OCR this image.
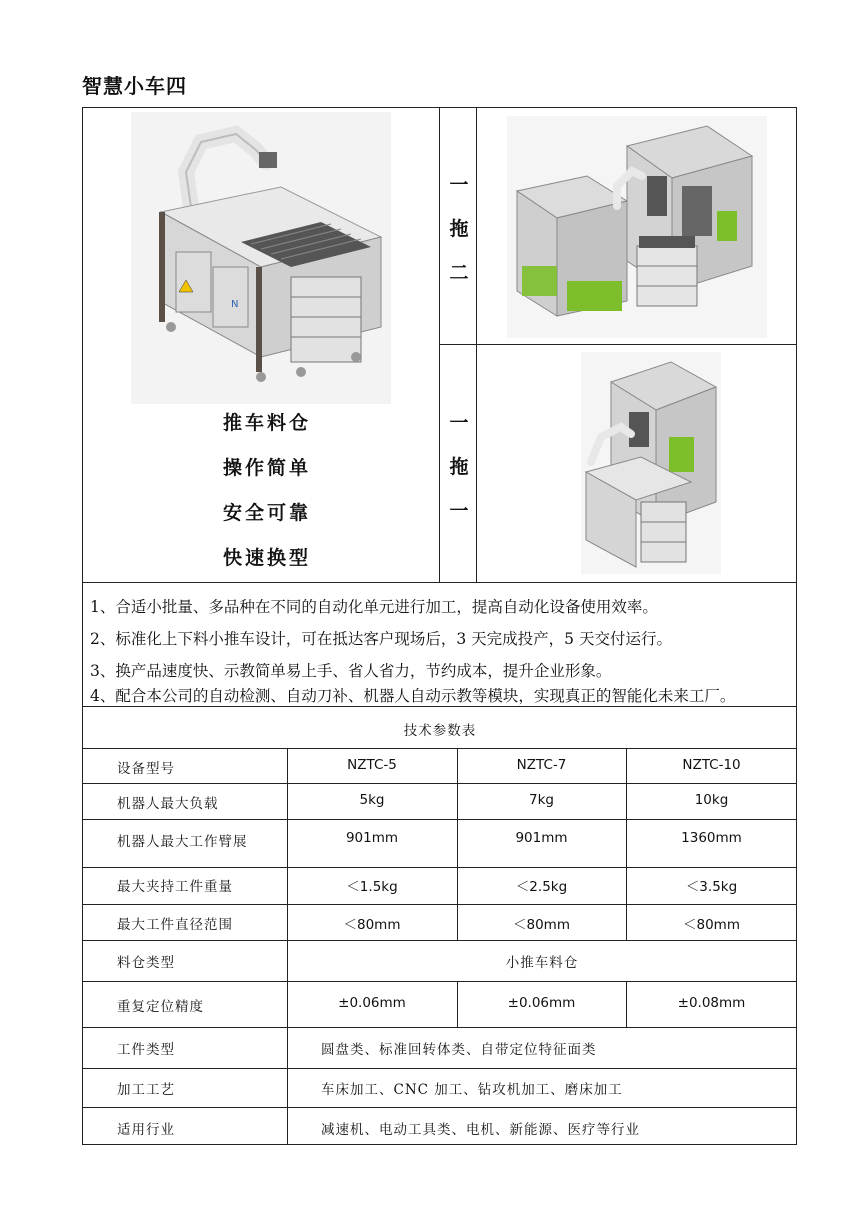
智慧小车四
N
推车料仓
操作简单
安全可靠
快速换型
一
拖
二
一
拖
一
1、合适小批量、多品种在不同的自动化单元进行加工，提高自动化设备使用效率。
2、标准化上下料小推车设计，可在抵达客户现场后，3 天完成投产，5 天交付运行。
3、换产品速度快、示教简单易上手、省人省力，节约成本，提升企业形象。
4、配合本公司的自动检测、自动刀补、机器人自动示教等模块，实现真正的智能化未来工厂。
技术参数表
设备型号	NZTC-5	NZTC-7	NZTC-10
机器人最大负载	5kg	7kg	10kg
机器人最大工作臂展	901mm	901mm	1360mm
最大夹持工件重量	＜1.5kg	＜2.5kg	＜3.5kg
最大工件直径范围	＜80mm	＜80mm	＜80mm
料仓类型	小推车料仓
重复定位精度	±0.06mm	±0.06mm	±0.08mm
工件类型	圆盘类、标准回转体类、自带定位特征面类
加工工艺	车床加工、CNC 加工、钻攻机加工、磨床加工
适用行业	减速机、电动工具类、电机、新能源、医疗等行业
